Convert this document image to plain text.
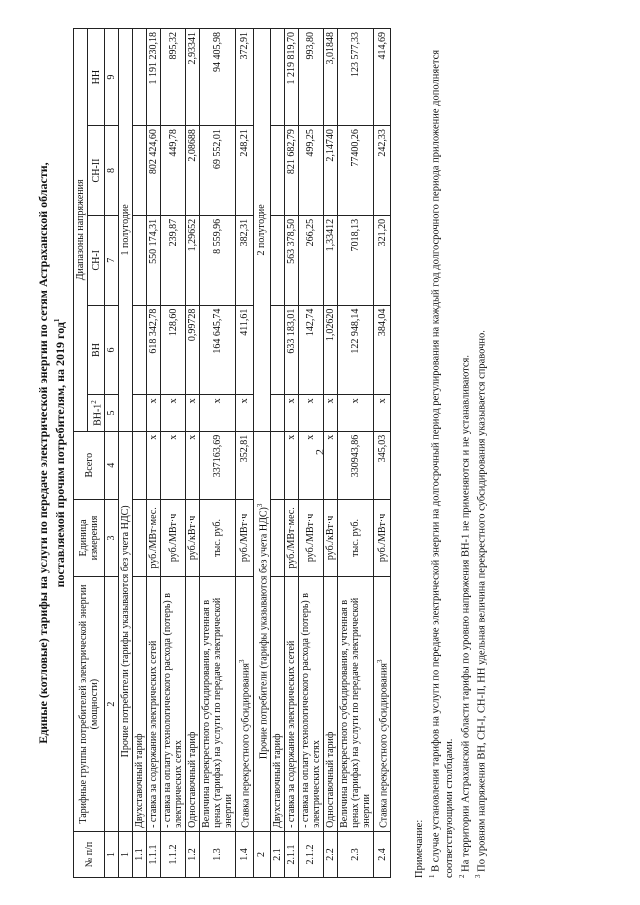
2
Единые (котловые) тарифы на услуги по передаче электрической энергии по сетям Астраханской области, поставляемой прочим потребителям, на 2019 год$^1$
№ п/п	Тарифные группы потребителей электрической энергии (мощности)	Единица измерения	Всего	Диапазоны напряжения				
				$ВН-1^2$	ВН	СН-I	СН-II	НН
1	2	3	4	5	6	7	8	9
1	Прочие потребители (тарифы указываются без учета НДС)			1 полугодие				
1.1	Двухставочный тариф							
1.1.1	- ставка за содержание электрических сетей	руб./МВт·мес.	x	x	618 342,78	550 174,31	802 424,60	1 191 230,18
1.1.2	- ставка на оплату технологического расхода (потерь) в электрических сетях	руб./МВт·ч	x	x	128,60	239,87	449,78	895,32
1.2	Одноставочный тариф	руб./кВт·ч	x	x	0,99728	1,29652	2,08688	2,93341
1.3	Величина перекрестного субсидирования, учтенная в ценах (тарифах) на услуги по передаче электрической энергии	тыс. руб.	337163,69	x	164 645,74	8 559,96	69 552,01	94 405,98
1.4	Ставка перекрестного субсидирования$^3$	руб./МВт·ч	352,81	x	411,61	382,31	248,21	372,91
2	Прочие потребители (тарифы указываются без учета НДС)$^3$			2 полугодие				
2.1	Двухставочный тариф							
2.1.1	- ставка за содержание электрических сетей	руб./МВт·мес.	x	x	633 183,01	563 378,50	821 682,79	1 219 819,70
2.1.2	- ставка на оплату технологического расхода (потерь) в электрических сетях	руб./МВт·ч	x	x	142,74	266,25	499,25	993,80
2.2	Одноставочный тариф	руб./кВт·ч	x	x	1,02620	1,33412	2,14740	3,01848
2.3	Величина перекрестного субсидирования, учтенная в ценах (тарифах) на услуги по передаче электрической энергии	тыс. руб.	330943,86	x	122 948,14	7018,13	77400,26	123 577,33
2.4	Ставка перекрестного субсидирования$^3$	руб./МВт·ч	345,03	x	384,04	321,20	242,33	414,69

Примечание: $^1$ В случае установления тарифов на услуги по передаче электрической энергии на долгосрочный период регулирования на каждый год долгосрочного периода приложение дополняется соответствующими столбцами. $^2$ На территории Астраханской области тарифы по уровню напряжения ВН-1 не применяются и не устанавливаются.

$^3$ По уровням напряжения ВН, СН-I, СН-II, НН удельная величина перекрестного субсидирования указывается справочно.
